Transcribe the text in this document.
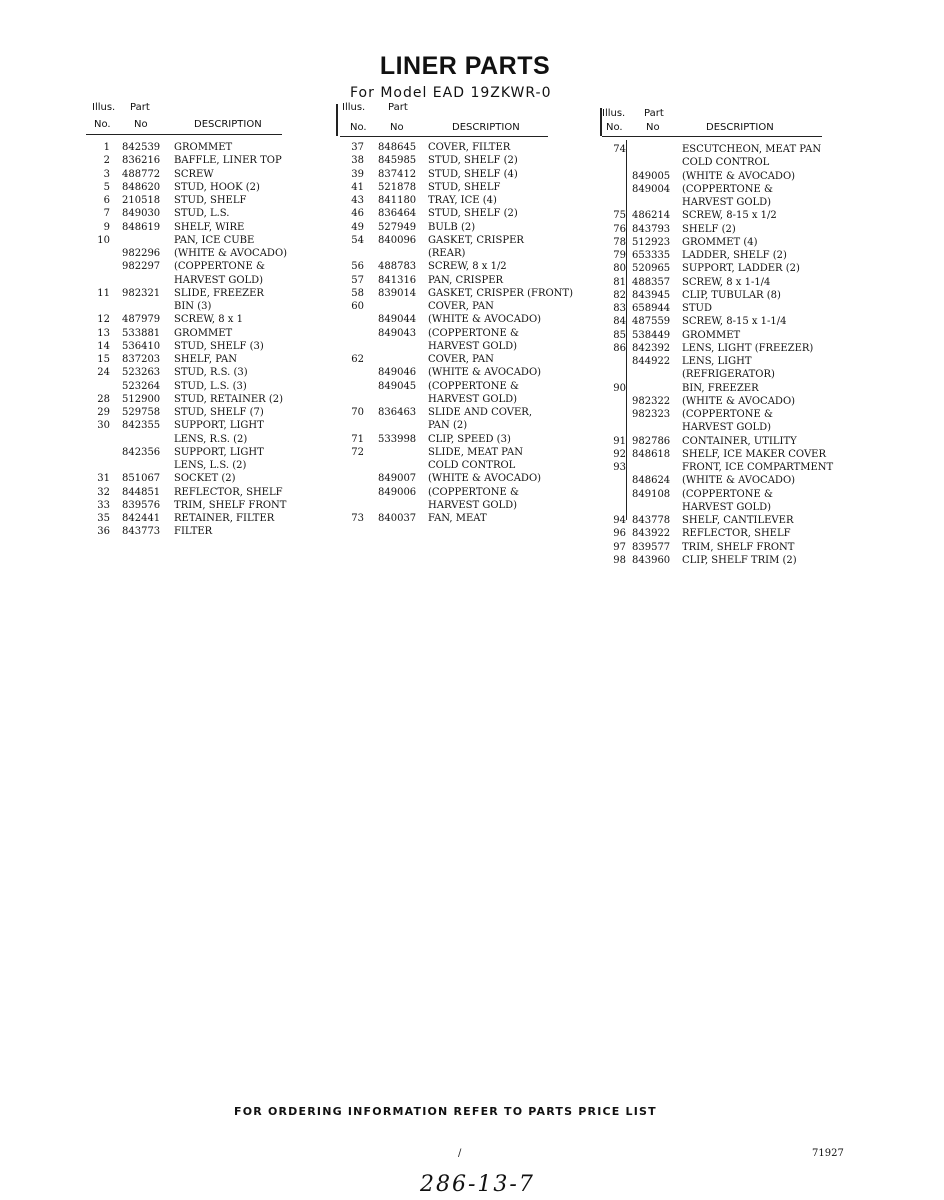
LINER PARTS
For Model EAD 19ZKWR-0
Illus. Part
No. No	DESCRIPTION
1 842539 GROMMET
2 836216 BAFFLE, LINER TOP
3 488772 SCREW
5 848620 STUD, HOOK (2)
6 210518 STUD, SHELF
7 849030 STUD, L.S.
9 848619 SHELF, WIRE
10	PAN, ICE CUBE
982296 (WHITE & AVOCADO)
982297 (COPPERTONE &
HARVEST GOLD)
11 982321 SLIDE, FREEZER
BIN (3)
12 487979 SCREW, 8 x 1
13 533881 GROMMET
14 536410 STUD, SHELF (3)
15 837203 SHELF, PAN
24 523263 STUD, R.S. (3)
523264 STUD, L.S. (3)
28 512900 STUD, RETAINER (2)
29 529758 STUD, SHELF (7)
30 842355 SUPPORT, LIGHT
LENS, R.S. (2)
842356 SUPPORT, LIGHT
LENS, L.S. (2)
31 851067 SOCKET (2)
32 844851 REFLECTOR, SHELF
33 839576 TRIM, SHELF FRONT
35 842441 RETAINER, FILTER
36 843773 FILTER
Illus. Part
No. No	DESCRIPTION
37 848645 COVER, FILTER
38 845985 STUD, SHELF (2)
39 837412 STUD, SHELF (4)
41 521878 STUD, SHELF
43 841180 TRAY, ICE (4)
46 836464 STUD, SHELF (2)
49 527949 BULB (2)
54 840096 GASKET, CRISPER
(REAR)
56 488783 SCREW, 8 x 1/2
57 841316 PAN, CRISPER
58 839014 GASKET, CRISPER (FRONT)
60	COVER, PAN
849044 (WHITE & AVOCADO)
849043 (COPPERTONE &
HARVEST GOLD)
62	COVER, PAN
849046 (WHITE & AVOCADO)
849045 (COPPERTONE &
HARVEST GOLD)
70 836463 SLIDE AND COVER,
PAN (2)
71 533998 CLIP, SPEED (3)
72	SLIDE, MEAT PAN
COLD CONTROL
849007 (WHITE & AVOCADO)
849006 (COPPERTONE &
HARVEST GOLD)
73 840037 FAN, MEAT
Illus. Part
No. No	DESCRIPTION
74	ESCUTCHEON, MEAT PAN
COLD CONTROL
849005 (WHITE & AVOCADO)
849004 (COPPERTONE &
HARVEST GOLD)
75 486214 SCREW, 8-15 x 1/2
76 843793 SHELF (2)
78 512923 GROMMET (4)
79 653335 LADDER, SHELF (2)
80 520965 SUPPORT, LADDER (2)
81 488357 SCREW, 8 x 1-1/4
82 843945 CLIP, TUBULAR (8)
83 658944 STUD
84 487559 SCREW, 8-15 x 1-1/4
85 538449 GROMMET
86 842392 LENS, LIGHT (FREEZER)
844922 LENS, LIGHT
(REFRIGERATOR)
90	BIN, FREEZER
982322 (WHITE & AVOCADO)
982323 (COPPERTONE &
HARVEST GOLD)
91 982786 CONTAINER, UTILITY
92 848618 SHELF, ICE MAKER COVER
93	FRONT, ICE COMPARTMENT
848624 (WHITE & AVOCADO)
849108 (COPPERTONE &
HARVEST GOLD)
94 843778 SHELF, CANTILEVER
96 843922 REFLECTOR, SHELF
97 839577 TRIM, SHELF FRONT
98 843960 CLIP, SHELF TRIM (2)
FOR ORDERING INFORMATION REFER TO PARTS PRICE LIST
/	71927
286-13-7
